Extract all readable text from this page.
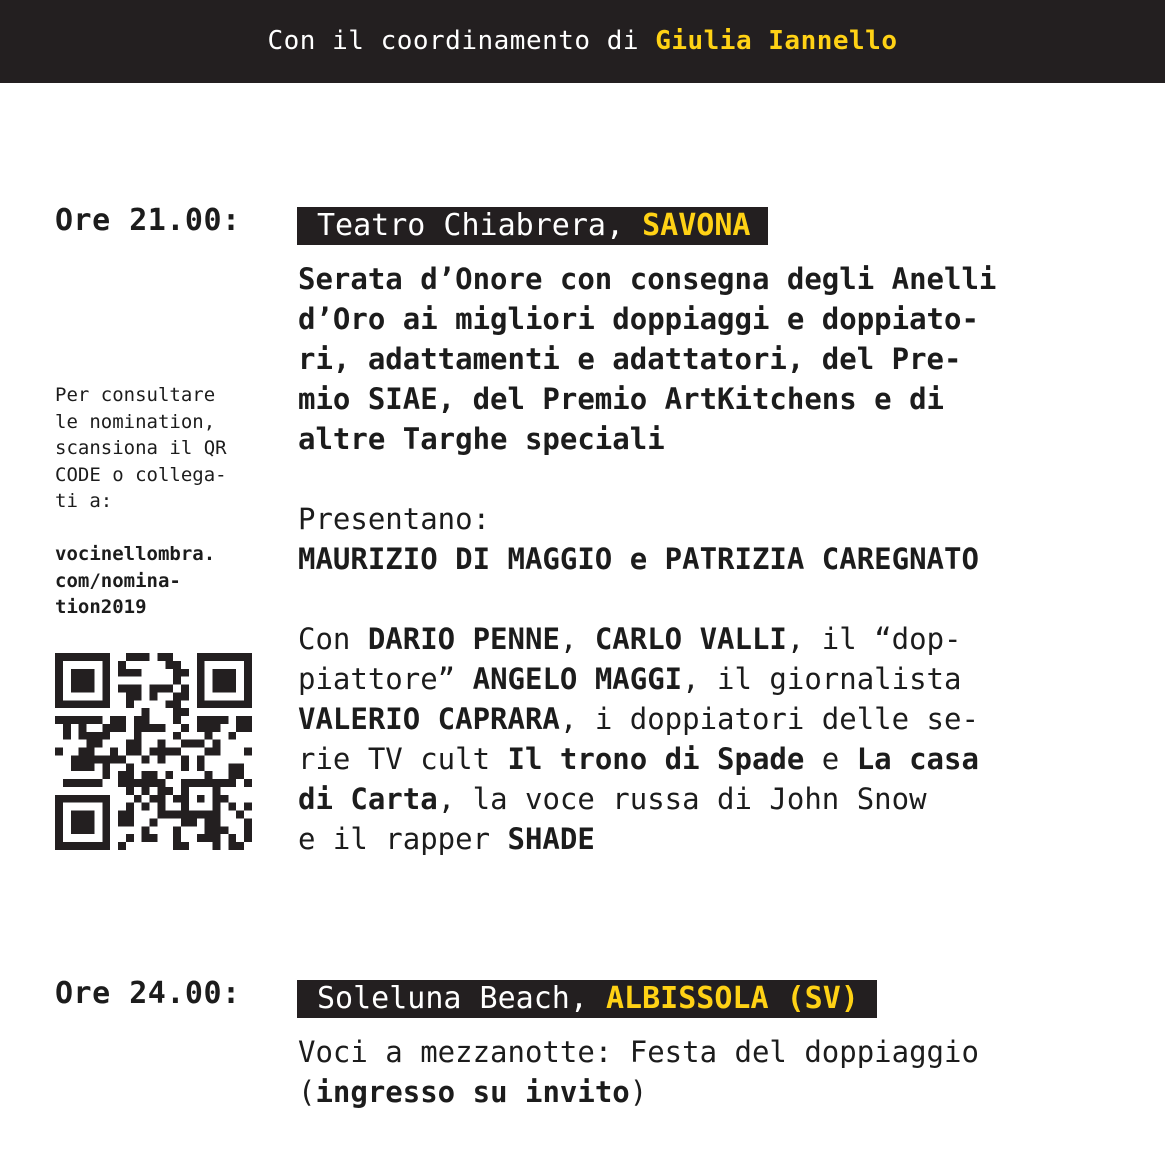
Con il coordinamento di Giulia Iannello
Ore 21.00:	Teatro Chiabrera, SAVONA
Serata d’Onore con consegna degli Anelli
d’Oro ai migliori doppiaggi e doppiato-
ri, adattamenti e adattatori, del Pre-
mio SIAE, del Premio ArtKitchens e di
altre Targhe speciali
Presentano:
MAURIZIO DI MAGGIO e PATRIZIA CAREGNATO
Con DARIO PENNE, CARLO VALLI, il “dop-
piattore” ANGELO MAGGI, il giornalista
VALERIO CAPRARA, i doppiatori delle se-
rie TV cult Il trono di Spade e La casa
di Carta, la voce russa di John Snow
e il rapper SHADE
Per consultare
le nomination,
scansiona il QR
CODE o collega-
ti a:
vocinellombra.
com/nomina-
tion2019
Ore 24.00:	Soleluna Beach, ALBISSOLA (SV)
Voci a mezzanotte: Festa del doppiaggio
(ingresso su invito)
